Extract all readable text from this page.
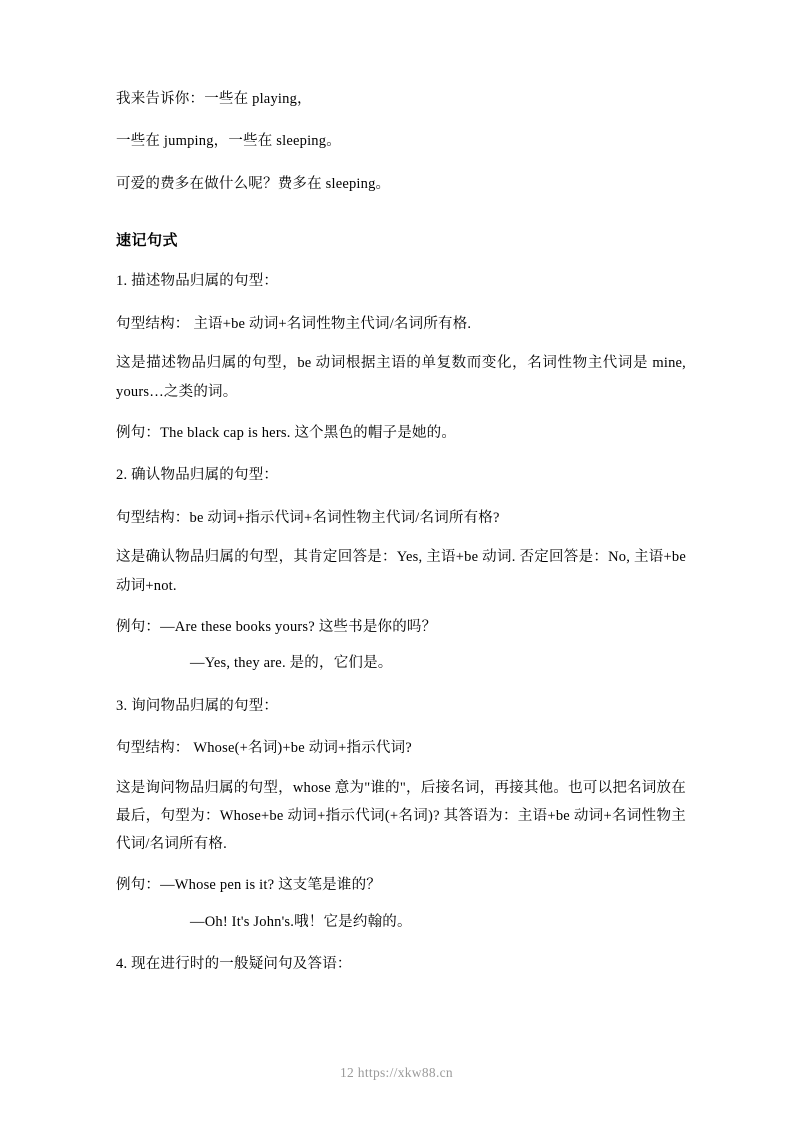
我来告诉你：一些在 playing，

一些在 jumping，一些在 sleeping。

可爱的费多在做什么呢？费多在 sleeping。

速记句式

1. 描述物品归属的句型：

句型结构： 主语+be 动词+名词性物主代词/名词所有格.

这是描述物品归属的句型，be 动词根据主语的单复数而变化，名词性物主代词是 mine, yours…之类的词。

例句：The black cap is hers. 这个黑色的帽子是她的。

2. 确认物品归属的句型：

句型结构：be 动词+指示代词+名词性物主代词/名词所有格?

这是确认物品归属的句型，其肯定回答是：Yes, 主语+be 动词. 否定回答是：No, 主语+be 动词+not.

例句：—Are these books yours? 这些书是你的吗？

—Yes, they are. 是的，它们是。

3. 询问物品归属的句型：

句型结构： Whose(+名词)+be 动词+指示代词?

这是询问物品归属的句型，whose 意为"谁的"，后接名词，再接其他。也可以把名词放在最后，句型为：Whose+be 动词+指示代词(+名词)? 其答语为：主语+be 动词+名词性物主代词/名词所有格.

例句：—Whose pen is it? 这支笔是谁的？

—Oh! It's John's.哦！它是约翰的。

4. 现在进行时的一般疑问句及答语：

12 https://xkw88.cn
